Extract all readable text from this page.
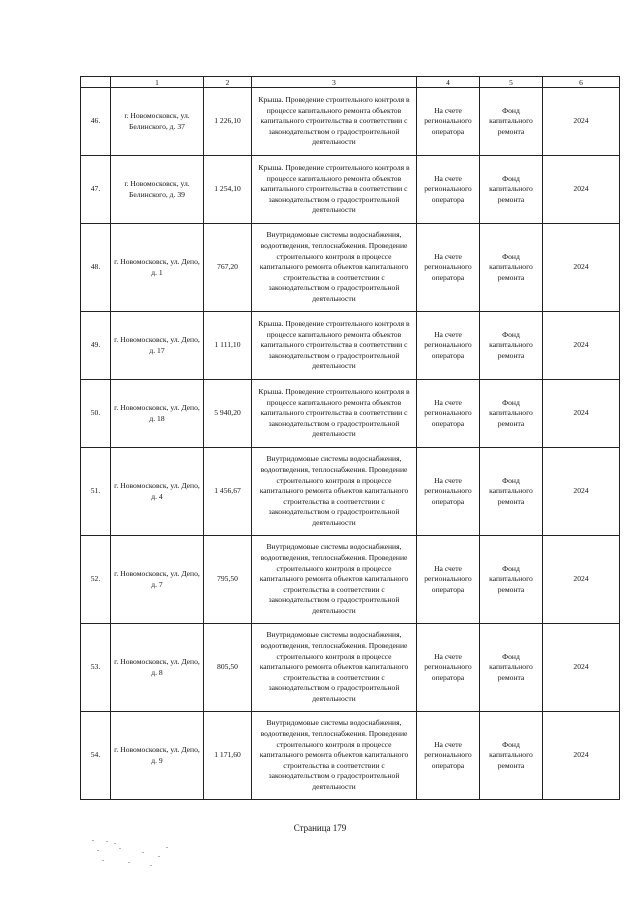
	1	2	3	4	5	6
46.	г. Новомосковск, ул. Белинского, д. 37	1 226,10	Крыша. Проведение строительного контроля в процессе капитального ремонта объектов капитального строительства в соответствии с законодательством о градостроительной деятельности	На счете регионального оператора	Фонд капитального ремонта	2024
47.	г. Новомосковск, ул. Белинского, д. 39	1 254,10	Крыша. Проведение строительного контроля в процессе капитального ремонта объектов капитального строительства в соответствии с законодательством о градостроительной деятельности	На счете регионального оператора	Фонд капитального ремонта	2024
48.	г. Новомосковск, ул. Депо, д. 1	767,20	Внутридомовые системы водоснабжения, водоотведения, теплоснабжения. Проведение строительного контроля в процессе капитального ремонта объектов капитального строительства в соответствии с законодательством о градостроительной деятельности	На счете регионального оператора	Фонд капитального ремонта	2024
49.	г. Новомосковск, ул. Депо, д. 17	1 111,10	Крыша. Проведение строительного контроля в процессе капитального ремонта объектов капитального строительства в соответствии с законодательством о градостроительной деятельности	На счете регионального оператора	Фонд капитального ремонта	2024
50.	г. Новомосковск, ул. Депо, д. 18	5 940,20	Крыша. Проведение строительного контроля в процессе капитального ремонта объектов капитального строительства в соответствии с законодательством о градостроительной деятельности	На счете регионального оператора	Фонд капитального ремонта	2024
51.	г. Новомосковск, ул. Депо, д. 4	1 456,67	Внутридомовые системы водоснабжения, водоотведения, теплоснабжения. Проведение строительного контроля в процессе капитального ремонта объектов капитального строительства в соответствии с законодательством о градостроительной деятельности	На счете регионального оператора	Фонд капитального ремонта	2024
52.	г. Новомосковск, ул. Депо, д. 7	795,50	Внутридомовые системы водоснабжения, водоотведения, теплоснабжения. Проведение строительного контроля в процессе капитального ремонта объектов капитального строительства в соответствии с законодательством о градостроительной деятельности	На счете регионального оператора	Фонд капитального ремонта	2024
53.	г. Новомосковск, ул. Депо, д. 8	805,50	Внутридомовые системы водоснабжения, водоотведения, теплоснабжения. Проведение строительного контроля в процессе капитального ремонта объектов капитального строительства в соответствии с законодательством о градостроительной деятельности	На счете регионального оператора	Фонд капитального ремонта	2024
54.	г. Новомосковск, ул. Депо, д. 9	1 171,60	Внутридомовые системы водоснабжения, водоотведения, теплоснабжения. Проведение строительного контроля в процессе капитального ремонта объектов капитального строительства в соответствии с законодательством о градостроительной деятельности	На счете регионального оператора	Фонд капитального ремонта	2024
Страница 179
